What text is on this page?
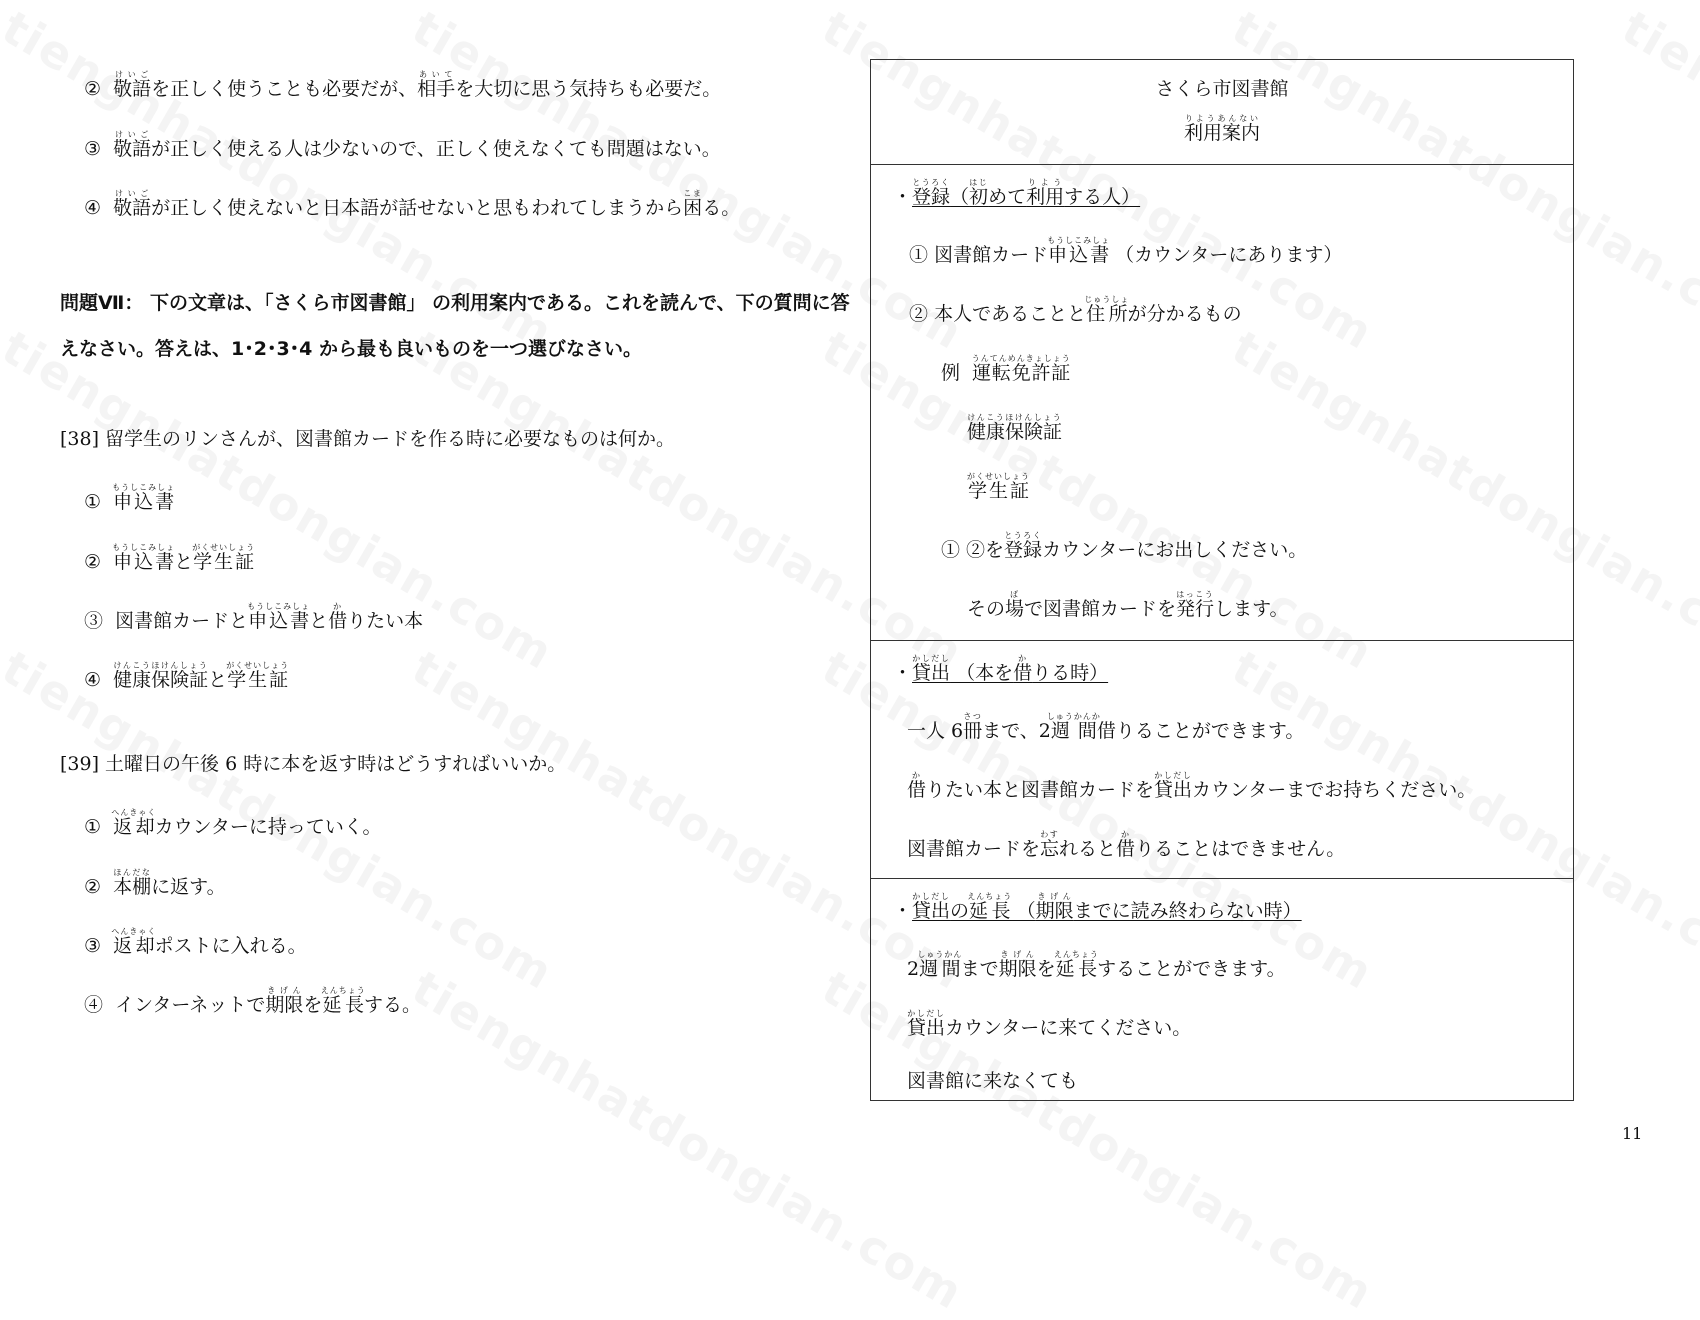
② 敬語けいごを正しく使うことも必要だが、相手あいてを大切に思う気持ちも必要だ。
③ 敬語けいごが正しく使える人は少ないので、正しく使えなくても問題はない。
④ 敬語けいごが正しく使えないと日本語が話せないと思もわれてしまうから困こまる。
問題Ⅶ： 下の文章は、「さくら市図書館」 の利用案内である。これを読んで、下の質問に答
えなさい。答えは、1･2･3･4 から最も良いものを一つ選びなさい。
[38] 留学生のリンさんが、図書館カードを作る時に必要なものは何か。
① 申込書もうしこみしょ
② 申込書もうしこみしょと学生証がくせいしょう
③ 図書館カードと申込書もうしこみしょと借かりたい本
④ 健康保険証けんこうほけんしょうと学生証がくせいしょう
[39] 土曜日の午後 6 時に本を返す時はどうすればいいか。
① 返却へんきゃくカウンターに持っていく。
② 本棚ほんだなに返す。
③ 返却へんきゃくポストに入れる。
④ インターネットで期限きげんを延長えんちょうする。
さくら市図書館
利用案内りようあんない
・登録とうろく（初はじめて利用りようする人）
① 図書館カード申込書もうしこみしょ （カウンターにあります）
② 本人であることと住所じゅうしょが分かるもの
例 運転免許証うんてんめんきょしょう
健康保険証けんこうほけんしょう
学生証がくせいしょう
① ②を登録とうろくカウンターにお出しください。
その場ばで図書館カードを発行はっこうします。
・貸出かしだし （本を借かりる時）
一人 6冊さつまで、2週間しゅうかんか借りることができます。
借かりたい本と図書館カードを貸出かしだしカウンターまでお持ちください。
図書館カードを忘わすれると借かりることはできません。
・貸出かしだしの延長えんちょう （期限きげんまでに読み終わらない時）
2週間しゅうかんまで期限きげんを延長えんちょうすることができます。
貸出かしだしカウンターに来てください。
図書館に来なくても
11
